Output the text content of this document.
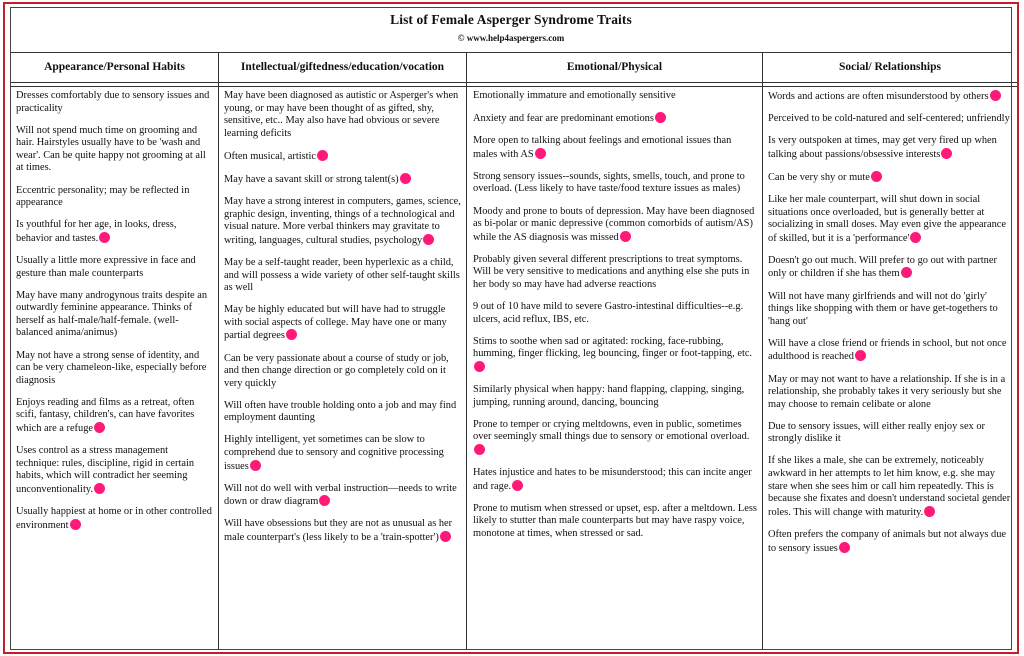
List of Female Asperger Syndrome Traits
© www.help4aspergers.com
Appearance/Personal Habits
Dresses comfortably due to sensory issues and practicality
Will not spend much time on grooming and hair. Hairstyles usually have to be 'wash and wear'. Can be quite happy not grooming at all at times.
Eccentric personality; may be reflected in appearance
Is youthful for her age, in looks, dress, behavior and tastes.
Usually a little more expressive in face and gesture than male counterparts
May have many androgynous traits despite an outwardly feminine appearance. Thinks of herself as half-male/half-female. (well-balanced anima/animus)
May not have a strong sense of identity, and can be very chameleon-like, especially before diagnosis
Enjoys reading and films as a retreat, often scifi, fantasy, children's, can have favorites which are a refuge
Uses control as a stress management technique: rules, discipline, rigid in certain habits, which will contradict her seeming unconventionality.
Usually happiest at home or in other controlled environment
Intellectual/giftedness/education/vocation
May have been diagnosed as autistic or Asperger's when young, or may have been thought of as gifted, shy, sensitive, etc.. May also have had obvious or severe learning deficits
Often musical, artistic
May have a savant skill or strong talent(s)
May have a strong interest in computers, games, science, graphic design, inventing, things of a technological and visual nature. More verbal thinkers may gravitate to writing, languages, cultural studies, psychology
May be a self-taught reader, been hyperlexic as a child, and will possess a wide variety of other self-taught skills as well
May be highly educated but will have had to struggle with social aspects of college. May have one or many partial degrees
Can be very passionate about a course of study or job, and then change direction or go completely cold on it very quickly
Will often have trouble holding onto a job and may find employment daunting
Highly intelligent, yet sometimes can be slow to comprehend due to sensory and cognitive processing issues
Will not do well with verbal instruction—needs to write down or draw diagram
Will have obsessions but they are not as unusual as her male counterpart's (less likely to be a 'train-spotter')
Emotional/Physical
Emotionally immature and emotionally sensitive
Anxiety and fear are predominant emotions
More open to talking about feelings and emotional issues than males with AS
Strong sensory issues--sounds, sights, smells, touch, and prone to overload. (Less likely to have taste/food texture issues as males)
Moody and prone to bouts of depression. May have been diagnosed as bi-polar or manic depressive (common comorbids of autism/AS) while the AS diagnosis was missed
Probably given several different prescriptions to treat symptoms. Will be very sensitive to medications and anything else she puts in her body so may have had adverse reactions
9 out of 10 have mild to severe Gastro-intestinal difficulties--e.g. ulcers, acid reflux, IBS, etc.
Stims to soothe when sad or agitated: rocking, face-rubbing, humming, finger flicking, leg bouncing, finger or foot-tapping, etc.
Similarly physical when happy: hand flapping, clapping, singing, jumping, running around, dancing, bouncing
Prone to temper or crying meltdowns, even in public, sometimes over seemingly small things due to sensory or emotional overload.
Hates injustice and hates to be misunderstood; this can incite anger and rage.
Prone to mutism when stressed or upset, esp. after a meltdown. Less likely to stutter than male counterparts but may have raspy voice, monotone at times, when stressed or sad.
Social/ Relationships
Words and actions are often misunderstood by others
Perceived to be cold-natured and self-centered; unfriendly
Is very outspoken at times, may get very fired up when talking about passions/obsessive interests
Can be very shy or mute
Like her male counterpart, will shut down in social situations once overloaded, but is generally better at socializing in small doses. May even give the appearance of skilled, but it is a 'performance'
Doesn't go out much. Will prefer to go out with partner only or children if she has them
Will not have many girlfriends and will not do 'girly' things like shopping with them or have get-togethers to 'hang out'
Will have a close friend or friends in school, but not once adulthood is reached
May or may not want to have a relationship. If she is in a relationship, she probably takes it very seriously but she may choose to remain celibate or alone
Due to sensory issues, will either really enjoy sex or strongly dislike it
If she likes a male, she can be extremely, noticeably awkward in her attempts to let him know, e.g. she may stare when she sees him or call him repeatedly. This is because she fixates and doesn't understand societal gender roles. This will change with maturity.
Often prefers the company of animals but not always due to sensory issues
